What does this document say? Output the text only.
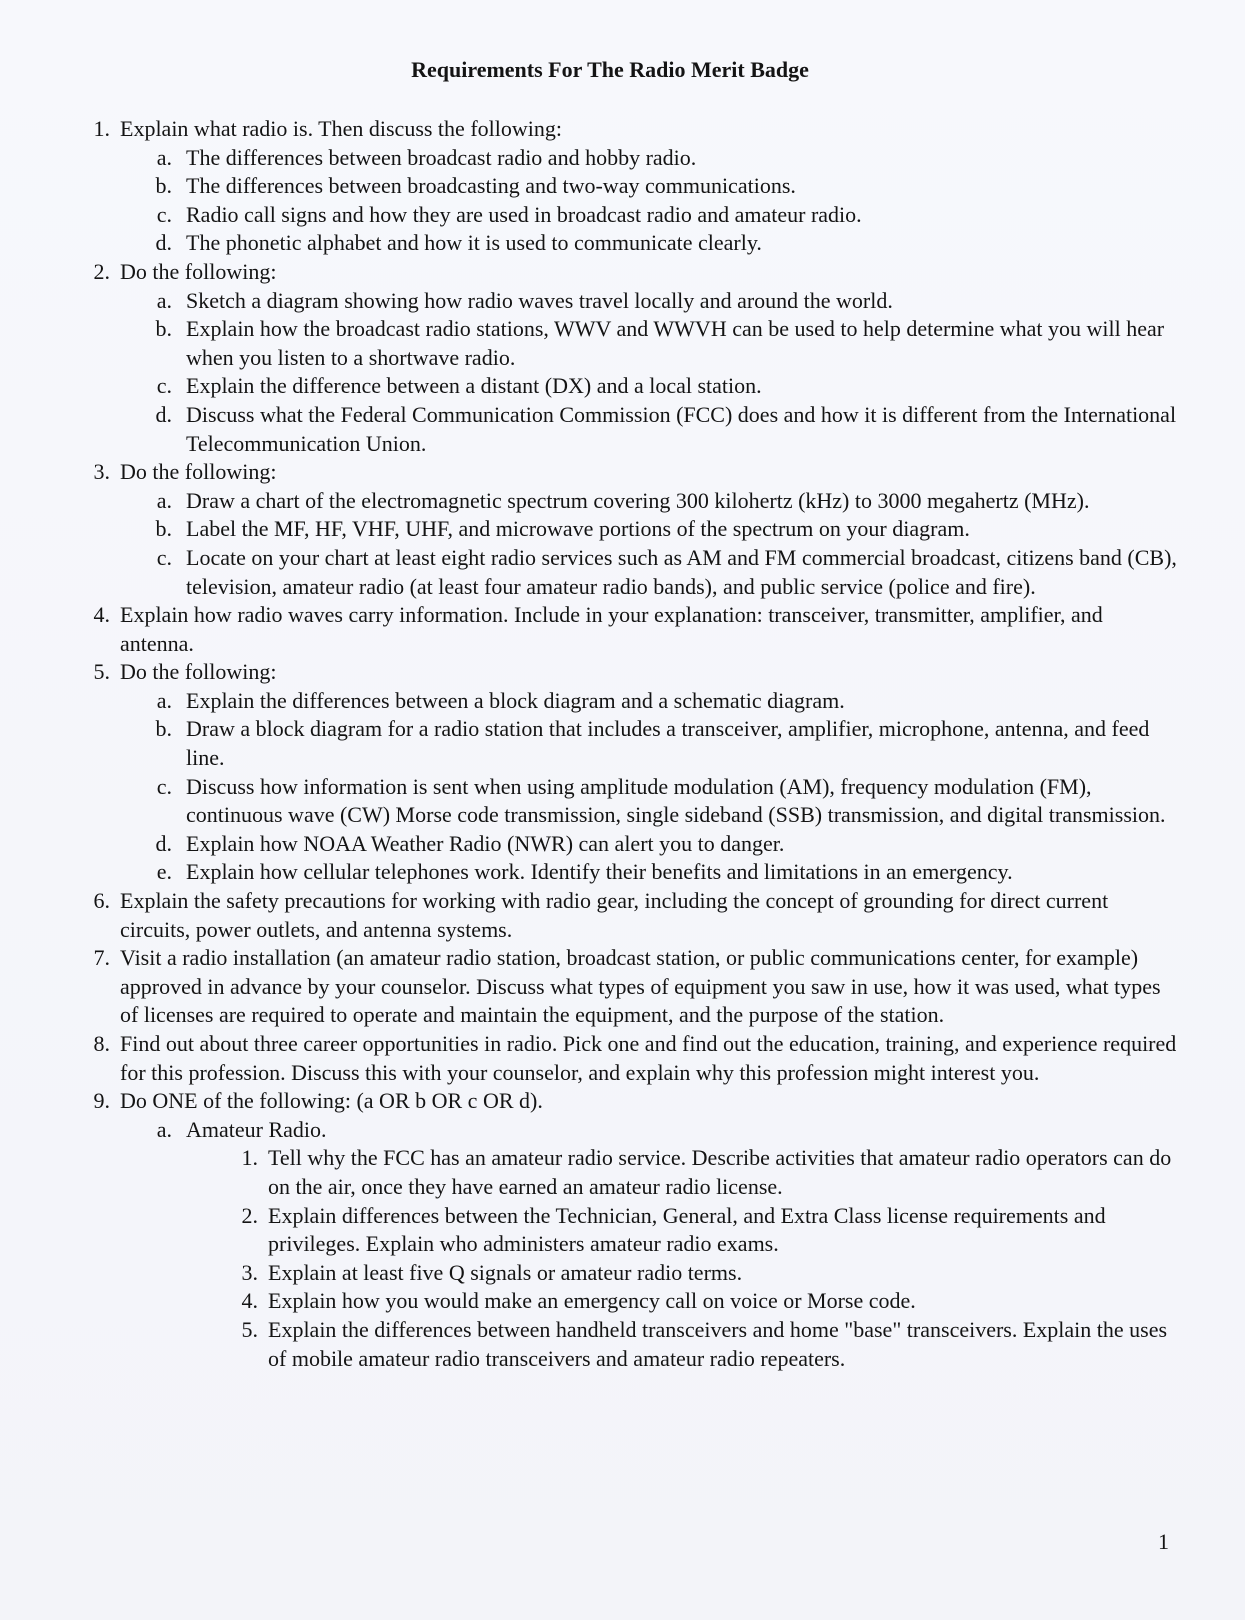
Requirements For The Radio Merit Badge
1. Explain what radio is. Then discuss the following:
a. The differences between broadcast radio and hobby radio.
b. The differences between broadcasting and two-way communications.
c. Radio call signs and how they are used in broadcast radio and amateur radio.
d. The phonetic alphabet and how it is used to communicate clearly.
2. Do the following:
a. Sketch a diagram showing how radio waves travel locally and around the world.
b. Explain how the broadcast radio stations, WWV and WWVH can be used to help determine what you will hear when you listen to a shortwave radio.
c. Explain the difference between a distant (DX) and a local station.
d. Discuss what the Federal Communication Commission (FCC) does and how it is different from the International Telecommunication Union.
3. Do the following:
a. Draw a chart of the electromagnetic spectrum covering 300 kilohertz (kHz) to 3000 megahertz (MHz).
b. Label the MF, HF, VHF, UHF, and microwave portions of the spectrum on your diagram.
c. Locate on your chart at least eight radio services such as AM and FM commercial broadcast, citizens band (CB), television, amateur radio (at least four amateur radio bands), and public service (police and fire).
4. Explain how radio waves carry information. Include in your explanation: transceiver, transmitter, amplifier, and antenna.
5. Do the following:
a. Explain the differences between a block diagram and a schematic diagram.
b. Draw a block diagram for a radio station that includes a transceiver, amplifier, microphone, antenna, and feed line.
c. Discuss how information is sent when using amplitude modulation (AM), frequency modulation (FM), continuous wave (CW) Morse code transmission, single sideband (SSB) transmission, and digital transmission.
d. Explain how NOAA Weather Radio (NWR) can alert you to danger.
e. Explain how cellular telephones work. Identify their benefits and limitations in an emergency.
6. Explain the safety precautions for working with radio gear, including the concept of grounding for direct current circuits, power outlets, and antenna systems.
7. Visit a radio installation (an amateur radio station, broadcast station, or public communications center, for example) approved in advance by your counselor. Discuss what types of equipment you saw in use, how it was used, what types of licenses are required to operate and maintain the equipment, and the purpose of the station.
8. Find out about three career opportunities in radio. Pick one and find out the education, training, and experience required for this profession. Discuss this with your counselor, and explain why this profession might interest you.
9. Do ONE of the following: (a OR b OR c OR d).
a. Amateur Radio.
1. Tell why the FCC has an amateur radio service. Describe activities that amateur radio operators can do on the air, once they have earned an amateur radio license.
2. Explain differences between the Technician, General, and Extra Class license requirements and privileges. Explain who administers amateur radio exams.
3. Explain at least five Q signals or amateur radio terms.
4. Explain how you would make an emergency call on voice or Morse code.
5. Explain the differences between handheld transceivers and home "base" transceivers. Explain the uses of mobile amateur radio transceivers and amateur radio repeaters.
1
